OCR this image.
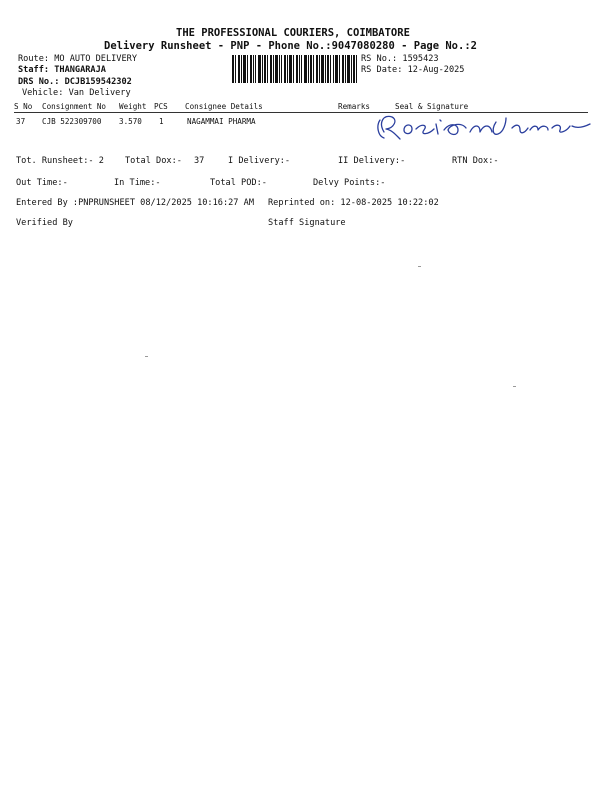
THE PROFESSIONAL COURIERS, COIMBATORE
Delivery Runsheet - PNP - Phone No.:9047080280 - Page No.:2
Route: MO AUTO DELIVERY
Staff: THANGARAJA
DRS No.: DCJB159542302
Vehicle: Van Delivery
RS No.: 1595423
RS Date: 12-Aug-2025
S No Consignment No Weight PCS Consignee Details	Remarks	Seal & Signature
37 CJB 522309700 3.570 1	NAGAMMAI PHARMA
Tot. Runsheet:- 2 Total Dox:- 37	I Delivery:-	II Delivery:-	RTN Dox:-
Out Time:-	In Time:-	Total POD:-	Delvy Points:-
Entered By :PNPRUNSHEET 08/12/2025 10:16:27 AM Reprinted on: 12-08-2025 10:22:02
Verified By	Staff Signature
